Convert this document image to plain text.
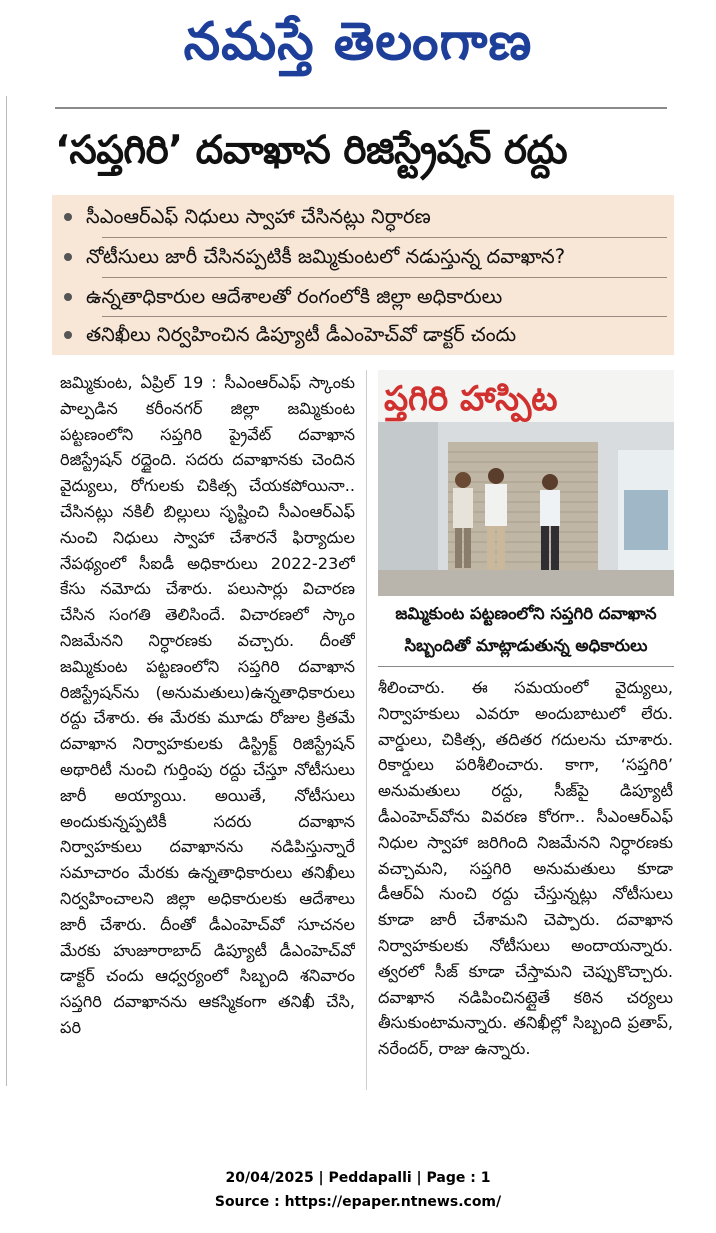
నమస్తే తెలంగాణ
‘సప్తగిరి’ దవాఖాన రిజిస్ట్రేషన్ రద్దు
సీఎంఆర్ఎఫ్ నిధులు స్వాహా చేసినట్లు నిర్ధారణ
నోటీసులు జారీ చేసినప్పటికీ జమ్మికుంటలో నడుస్తున్న దవాఖాన?
ఉన్నతాధికారుల ఆదేశాలతో రంగంలోకి జిల్లా అధికారులు
తనిఖీలు నిర్వహించిన డిప్యూటీ డీఎంహెచ్‌వో డాక్టర్ చందు
జమ్మికుంట, ఏప్రిల్ 19 : సీఎంఆర్ఎఫ్ స్కాంకు పాల్పడిన కరీంనగర్ జిల్లా జమ్మికుంట పట్టణంలోని సప్తగిరి ప్రైవేట్ దవాఖాన రిజిస్ట్రేషన్ రద్దైంది. సదరు దవాఖానకు చెందిన వైద్యులు, రోగులకు చికిత్స చేయకపోయినా.. చేసినట్లు నకిలీ బిల్లులు సృష్టించి సీఎంఆర్ఎఫ్ నుంచి నిధులు స్వాహా చేశారనే ఫిర్యాదుల నేపథ్యంలో సీఐడీ అధికారులు 2022-23లో కేసు నమోదు చేశారు. పలుసార్లు విచారణ చేసిన సంగతి తెలిసిందే. విచారణలో స్కాం నిజమేనని నిర్ధారణకు వచ్చారు. దీంతో జమ్మికుంట పట్టణంలోని సప్తగిరి దవాఖాన రిజిస్ట్రేషన్‌ను (అనుమతులు)ఉన్నతాధికారులు రద్దు చేశారు. ఈ మేరకు మూడు రోజుల క్రితమే దవాఖాన నిర్వాహకులకు డిస్ట్రిక్ట్ రిజిస్ట్రేషన్ అథారిటీ నుంచి గుర్తింపు రద్దు చేస్తూ నోటీసులు జారీ అయ్యాయి. అయితే, నోటీసులు అందుకున్నప్పటికీ సదరు దవాఖాన నిర్వాహకులు దవాఖానను నడిపిస్తున్నారే సమాచారం మేరకు ఉన్నతాధికారులు తనిఖీలు నిర్వహించాలని జిల్లా అధికారులకు ఆదేశాలు జారీ చేశారు. దీంతో డీఎంహెచ్‌వో సూచనల మేరకు హుజూరాబాద్ డిప్యూటీ డీఎంహెచ్‌వో డాక్టర్ చందు ఆధ్వర్యంలో సిబ్బంది శనివారం సప్తగిరి దవాఖానను ఆకస్మికంగా తనిఖీ చేసి, పరి
ప్తగిరి హాస్పిట
జమ్మికుంట పట్టణంలోని సప్తగిరి దవాఖాన సిబ్బందితో మాట్లాడుతున్న అధికారులు
శీలించారు. ఈ సమయంలో వైద్యులు, నిర్వాహకులు ఎవరూ అందుబాటులో లేరు. వార్డులు, చికిత్స, తదితర గదులను చూశారు. రికార్డులు పరిశీలించారు. కాగా, ‘సప్తగిరి’ అనుమతులు రద్దు, సీజ్‌పై డిప్యూటీ డీఎంహెచ్‌వోను వివరణ కోరగా.. సీఎంఆర్ఎఫ్ నిధుల స్వాహా జరిగింది నిజమేనని నిర్ధారణకు వచ్చామని, సప్తగిరి అనుమతులు కూడా డీఆర్‌ఏ నుంచి రద్దు చేస్తున్నట్లు నోటీసులు కూడా జారీ చేశామని చెప్పారు. దవాఖాన నిర్వాహకులకు నోటీసులు అందాయన్నారు. త్వరలో సీజ్ కూడా చేస్తామని చెప్పుకొచ్చారు. దవాఖాన నడిపించినట్లైతే కఠిన చర్యలు తీసుకుంటామన్నారు. తనిఖీల్లో సిబ్బంది ప్రతాప్, నరేందర్, రాజు ఉన్నారు.
20/04/2025 | Peddapalli | Page : 1
Source : https://epaper.ntnews.com/
